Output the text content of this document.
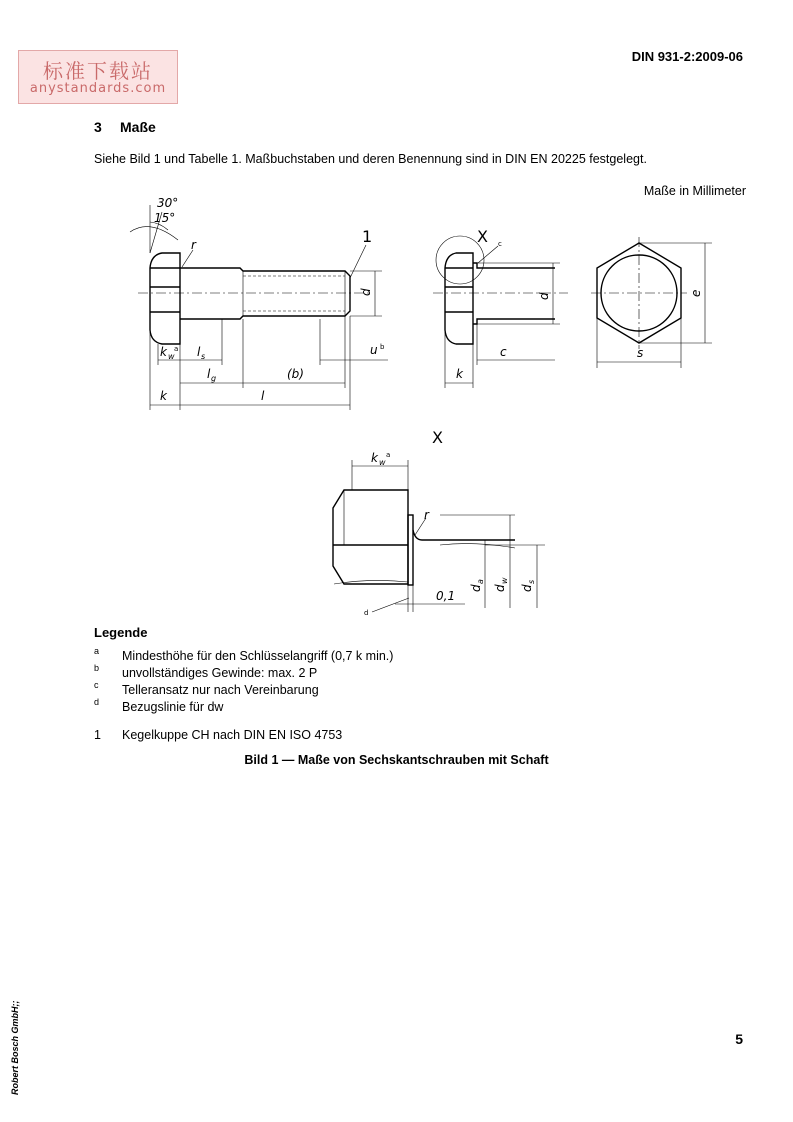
标准下载站
anystandards.com
DIN 931-2:2009-06
3 Maße
Siehe Bild 1 und Tabelle 1. Maßbuchstaben und deren Benennung sind in DIN EN 20225 festgelegt.
Maße in Millimeter
30°
15°
r	1
d
k w
a l s	u b
l g	(b)
k	l
X c
d
c
k
e
s
X
k w
a
r
d
a
d
w
d
s
0,1
d
Legende
a Mindesthöhe für den Schlüsselangriff (0,7 k min.)
b unvollständiges Gewinde: max. 2 P
c Telleransatz nur nach Vereinbarung
d Bezugslinie für dw
1 Kegelkuppe CH nach DIN EN ISO 4753
Bild 1 — Maße von Sechskantschrauben mit Schaft
5
Robert Bosch GmbH;;
